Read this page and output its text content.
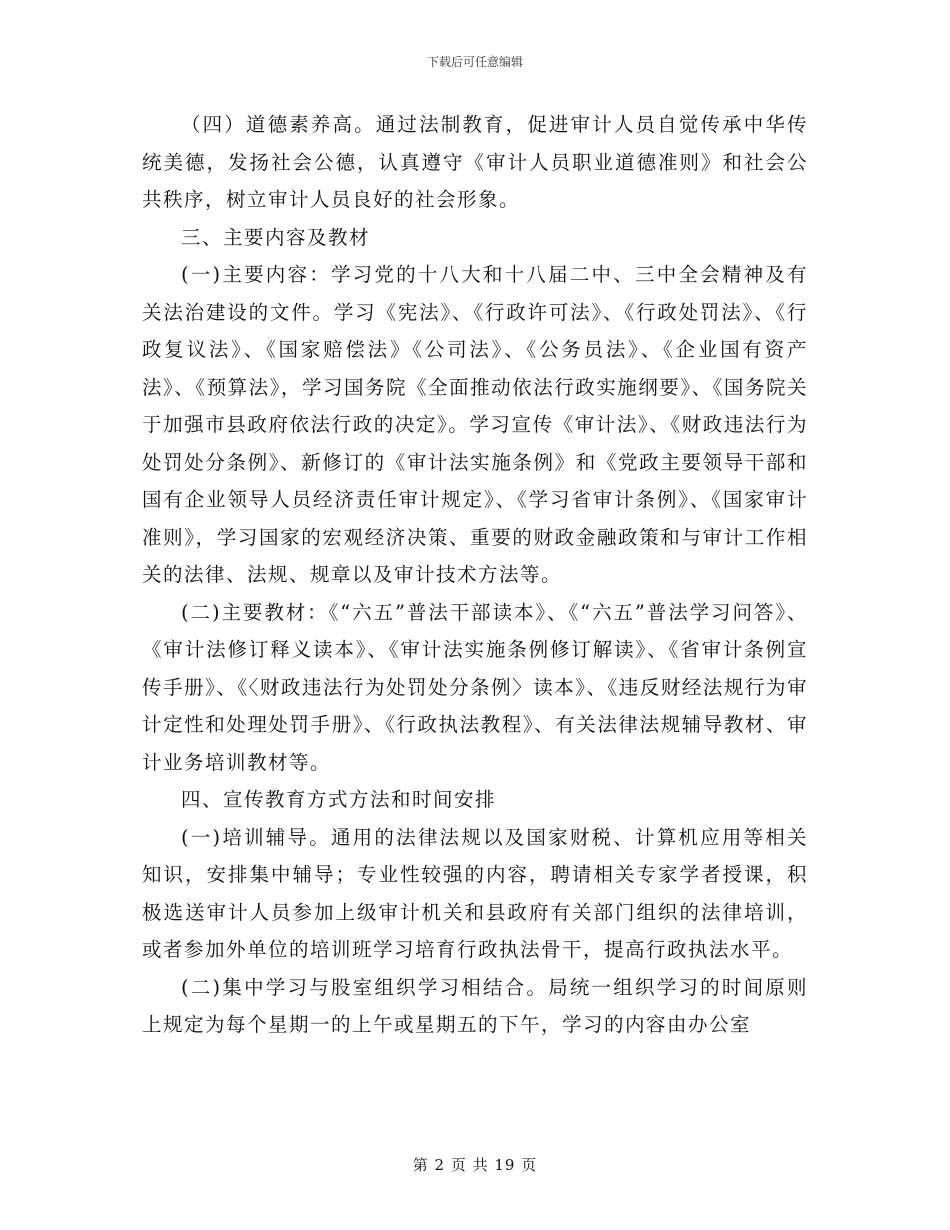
下载后可任意编辑

（四）道德素养高。通过法制教育，促进审计人员自觉传承中华传统美德，发扬社会公德，认真遵守《审计人员职业道德准则》和社会公共秩序，树立审计人员良好的社会形象。

三、主要内容及教材

(一)主要内容：学习党的十八大和十八届二中、三中全会精神及有关法治建设的文件。学习《宪法》、《行政许可法》、《行政处罚法》、《行政复议法》、《国家赔偿法》《公司法》、《公务员法》、《企业国有资产法》、《预算法》，学习国务院《全面推动依法行政实施纲要》、《国务院关于加强市县政府依法行政的决定》。学习宣传《审计法》、《财政违法行为处罚处分条例》、新修订的《审计法实施条例》和《党政主要领导干部和国有企业领导人员经济责任审计规定》、《学习省审计条例》、《国家审计准则》，学习国家的宏观经济决策、重要的财政金融政策和与审计工作相关的法律、法规、规章以及审计技术方法等。

(二)主要教材：《“六五”普法干部读本》、《“六五”普法学习问答》、《审计法修订释义读本》、《审计法实施条例修订解读》、《省审计条例宣传手册》、《〈财政违法行为处罚处分条例〉读本》、《违反财经法规行为审计定性和处理处罚手册》、《行政执法教程》、有关法律法规辅导教材、审计业务培训教材等。

四、宣传教育方式方法和时间安排

(一)培训辅导。通用的法律法规以及国家财税、计算机应用等相关知识，安排集中辅导；专业性较强的内容，聘请相关专家学者授课，积极选送审计人员参加上级审计机关和县政府有关部门组织的法律培训，或者参加外单位的培训班学习培育行政执法骨干，提高行政执法水平。

(二)集中学习与股室组织学习相结合。局统一组织学习的时间原则上规定为每个星期一的上午或星期五的下午，学习的内容由办公室

第 2 页 共 19 页
